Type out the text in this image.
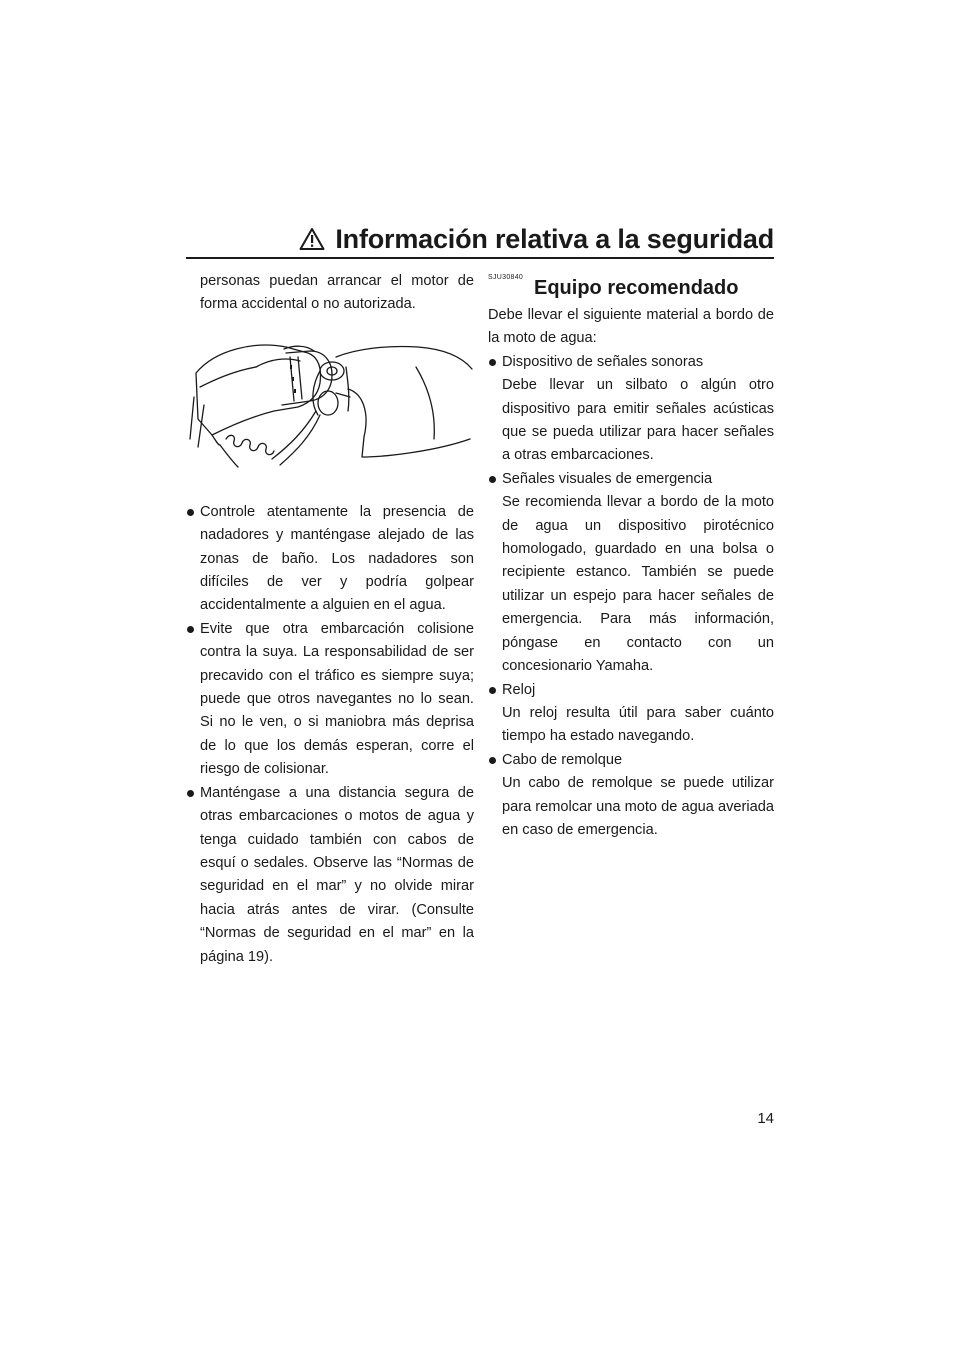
Información relativa a la seguridad

personas puedan arrancar el motor de forma accidental o no autorizada.

Controle atentamente la presencia de nadadores y manténgase alejado de las zonas de baño. Los nadadores son difíciles de ver y podría golpear accidentalmente a alguien en el agua.
Evite que otra embarcación colisione contra la suya. La responsabilidad de ser precavido con el tráfico es siempre suya; puede que otros navegantes no lo sean. Si no le ven, o si maniobra más deprisa de lo que los demás esperan, corre el riesgo de colisionar.
Manténgase a una distancia segura de otras embarcaciones o motos de agua y tenga cuidado también con cabos de esquí o sedales. Observe las “Normas de seguridad en el mar” y no olvide mirar hacia atrás antes de virar. (Consulte “Normas de seguridad en el mar” en la página 19).
SJU30840 Equipo recomendado

Debe llevar el siguiente material a bordo de la moto de agua:

Dispositivo de señales sonoras
Debe llevar un silbato o algún otro dispositivo para emitir señales acústicas que se pueda utilizar para hacer señales a otras embarcaciones.
Señales visuales de emergencia
Se recomienda llevar a bordo de la moto de agua un dispositivo pirotécnico homologado, guardado en una bolsa o recipiente estanco. También se puede utilizar un espejo para hacer señales de emergencia. Para más información, póngase en contacto con un concesionario Yamaha.
Reloj
Un reloj resulta útil para saber cuánto tiempo ha estado navegando.
Cabo de remolque
Un cabo de remolque se puede utilizar para remolcar una moto de agua averiada en caso de emergencia.
14
